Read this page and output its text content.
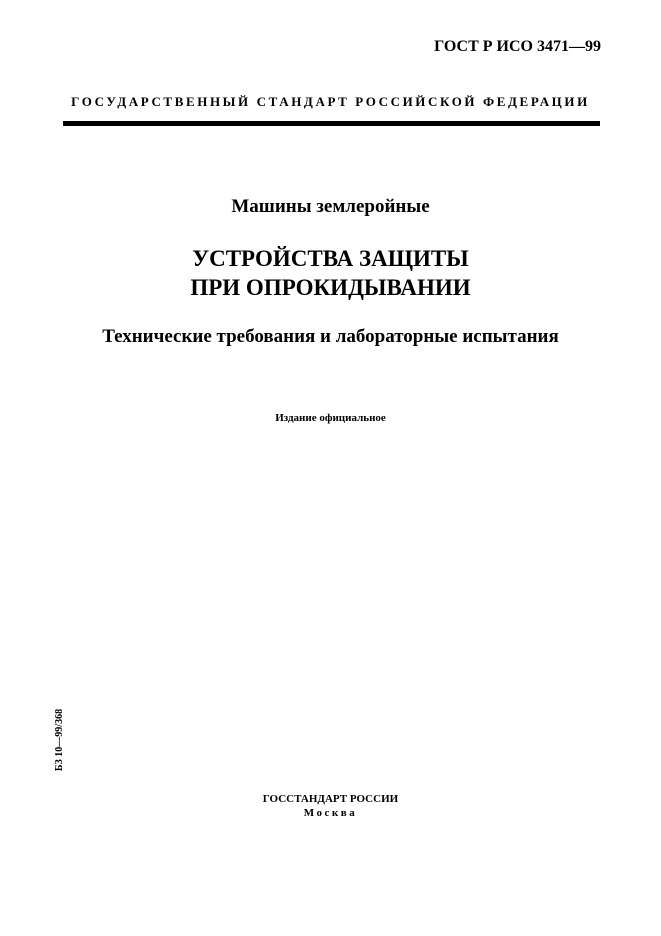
ГОСТ Р ИСО 3471—99
ГОСУДАРСТВЕННЫЙ СТАНДАРТ РОССИЙСКОЙ ФЕДЕРАЦИИ
Машины землеройные
УСТРОЙСТВА ЗАЩИТЫ
ПРИ ОПРОКИДЫВАНИИ
Технические требования и лабораторные испытания
Издание официальное
БЗ 10—99/368
ГОССТАНДАРТ РОССИИ
Москва
